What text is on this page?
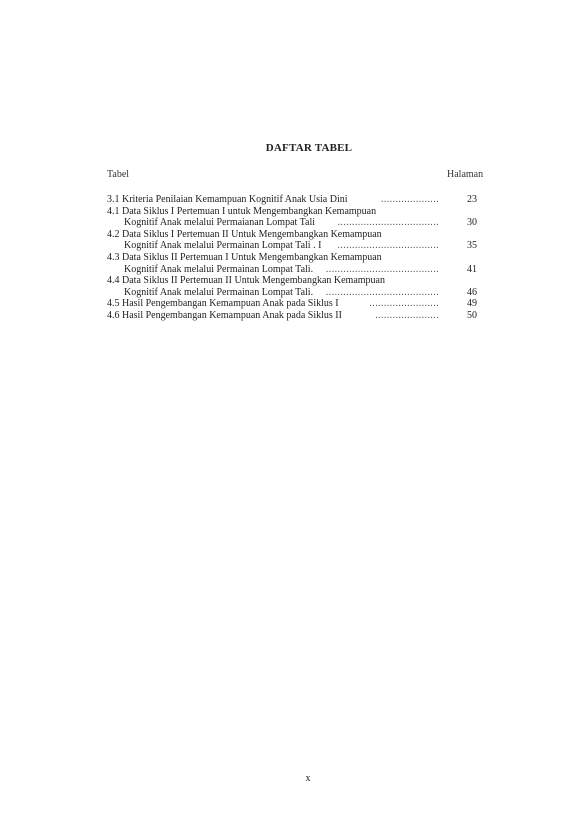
DAFTAR TABEL
Tabel	Halaman
....................
3.1 Kriteria Penilaian Kemampuan Kognitif Anak Usia Dini	23
4.1 Data Siklus I Pertemuan I untuk Mengembangkan Kemampuan
...................................
Kognitif Anak melalui Permaianan Lompat Tali	30
4.2 Data Siklus I Pertemuan II Untuk Mengembangkan Kemampuan
...................................
Kognitif Anak melalui Permainan Lompat Tali . I	35
4.3 Data Siklus II Pertemuan I Untuk Mengembangkan Kemampuan
.......................................
Kognitif Anak melalui Permainan Lompat Tali.	41
4.4 Data Siklus II Pertemuan II Untuk Mengembangkan Kemampuan
.......................................
Kognitif Anak melalui Permainan Lompat Tali.	46
........................
4.5 Hasil Pengembangan Kemampuan Anak pada Siklus I	49
......................
4.6 Hasil Pengembangan Kemampuan Anak pada Siklus II	50
x
